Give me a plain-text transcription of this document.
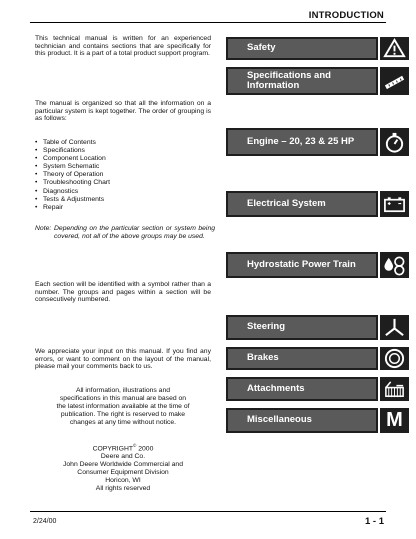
INTRODUCTION

This technical manual is written for an experienced technician and contains sections that are specifically for this product. It is a part of a total product support program.

The manual is organized so that all the information on a particular system is kept together. The order of grouping is as follows:

• Table of Contents
• Specifications
• Component Location
• System Schematic
• Theory of Operation
• Troubleshooting Chart
• Diagnostics
• Tests & Adjustments
• Repair
Note: Depending on the particular section or system being covered, not all of the above groups may be used.

Each section will be identified with a symbol rather than a number. The groups and pages within a section will be consecutively numbered.

We appreciate your input on this manual. If you find any errors, or want to comment on the layout of the manual, please mail your comments back to us.

All information, illustrations and
specifications in this manual are based on
the latest information available at the time of
publication. The right is reserved to make
changes at any time without notice.
COPYRIGHT© 2000
Deere and Co.
John Deere Worldwide Commercial and
Consumer Equipment Division
Horicon, WI
All rights reserved
Safety
Specifications and Information
Engine – 20, 23 & 25 HP
Electrical System
Hydrostatic Power Train
Steering
Brakes
Attachments
Miscellaneous	M
2/24/00	1 - 1
